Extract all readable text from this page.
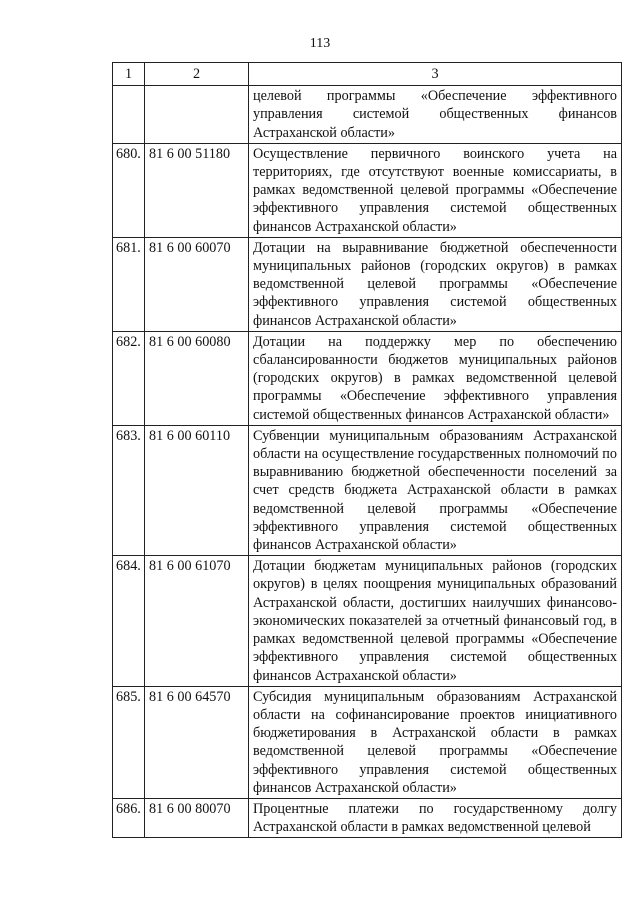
113
1	2	3
		целевой программы «Обеспечение эффективного управления системой общественных финансов Астраханской области»
680.	81 6 00 51180	Осуществление первичного воинского учета на территориях, где отсутствуют военные комиссариаты, в рамках ведомственной целевой программы «Обеспечение эффективного управления системой общественных финансов Астраханской области»
681.	81 6 00 60070	Дотации на выравнивание бюджетной обеспеченности муниципальных районов (городских округов) в рамках ведомственной целевой программы «Обеспечение эффективного управления системой общественных финансов Астраханской области»
682.	81 6 00 60080	Дотации на поддержку мер по обеспечению сбалансированности бюджетов муниципальных районов (городских округов) в рамках ведомственной целевой программы «Обеспечение эффективного управления системой общественных финансов Астраханской области»
683.	81 6 00 60110	Субвенции муниципальным образованиям Астраханской области на осуществление государственных полномочий по выравниванию бюджетной обеспеченности поселений за счет средств бюджета Астраханской области в рамках ведомственной целевой программы «Обеспечение эффективного управления системой общественных финансов Астраханской области»
684.	81 6 00 61070	Дотации бюджетам муниципальных районов (городских округов) в целях поощрения муниципальных образований Астраханской области, достигших наилучших финансово-экономических показателей за отчетный финансовый год, в рамках ведомственной целевой программы «Обеспечение эффективного управления системой общественных финансов Астраханской области»
685.	81 6 00 64570	Субсидия муниципальным образованиям Астраханской области на софинансирование проектов инициативного бюджетирования в Астраханской области в рамках ведомственной целевой программы «Обеспечение эффективного управления системой общественных финансов Астраханской области»
686.	81 6 00 80070	Процентные платежи по государственному долгу Астраханской области в рамках ведомственной целевой
